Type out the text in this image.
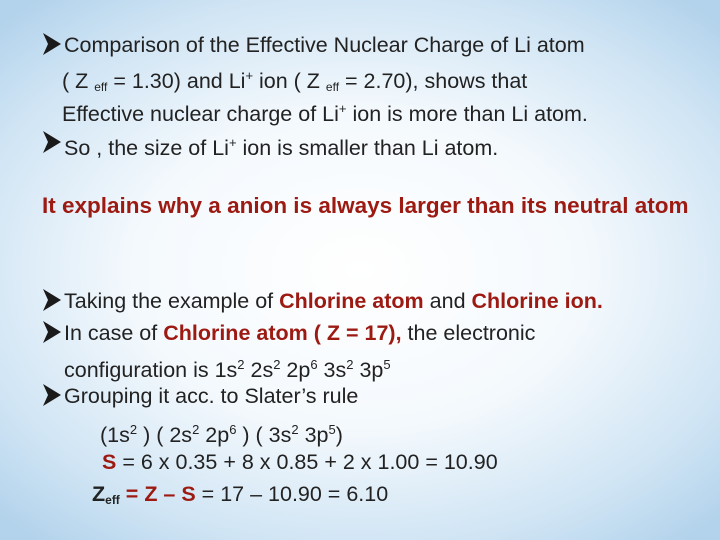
Comparison of the Effective Nuclear Charge of Li atom
( Z $_{eff}$ = 1.30) and Li+ ion ( Z $_{eff}$ = 2.70), shows that
Effective nuclear charge of Li+ ion is more than Li atom.
So , the size of Li+ ion is smaller than Li atom.
It explains why a anion is always larger than its neutral atom
Taking the example of Chlorine atom and Chlorine ion.
In case of Chlorine atom ( Z = 17), the electronic
configuration is $1s^2$ $2s^2$ $2p^6$ $3s^2$ $3p^5$
Grouping it acc. to Slater’s rule
($1s^2$ ) ( $2s^2$ $2p^6$ ) ( $3s^2$ $3p^5$)
S = 6 x 0.35 + 8 x 0.85 + 2 x 1.00 = 10.90
$Z_{eff} = Z - S = 17 - 10.90 = 6.10$
